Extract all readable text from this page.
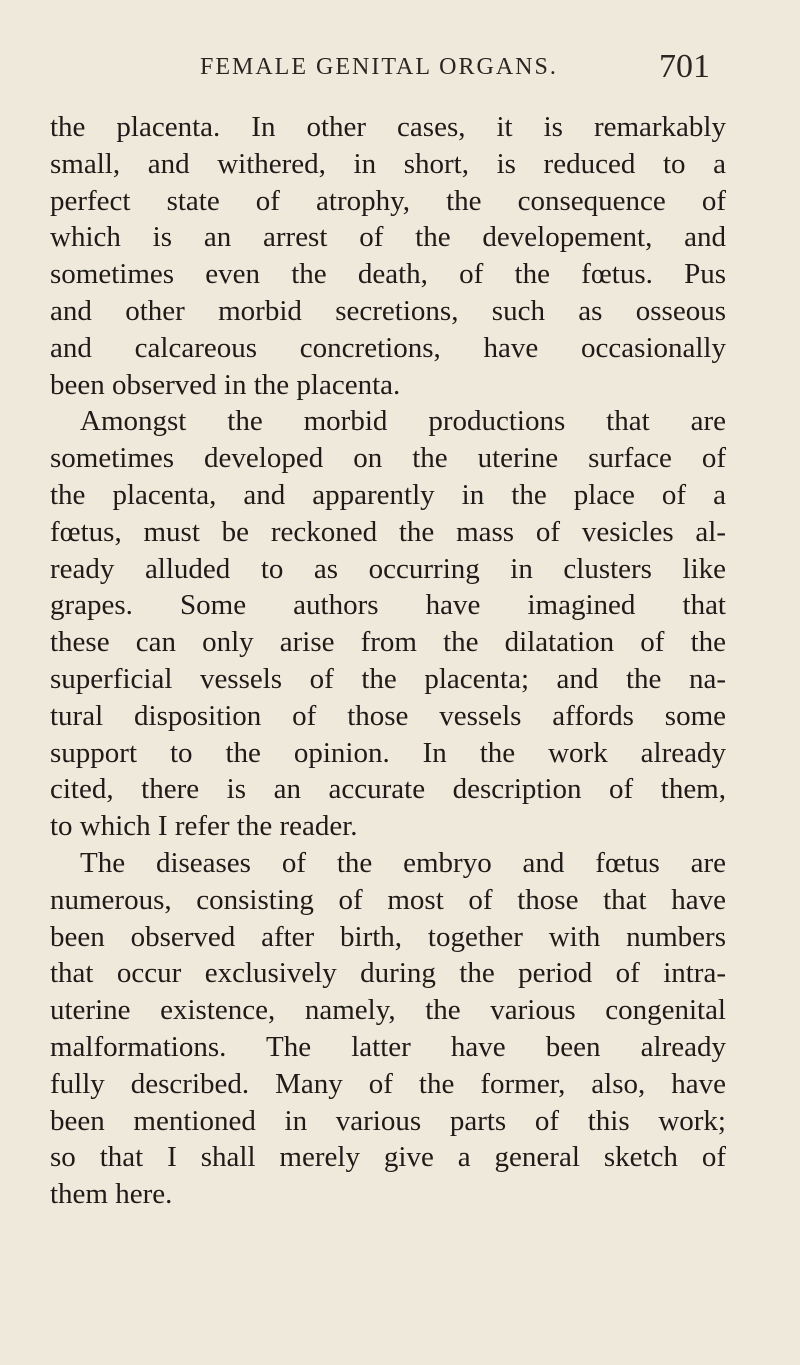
FEMALE GENITAL ORGANS.	701
the placenta. In other cases, it is remarkably
small, and withered, in short, is reduced to a
perfect state of atrophy, the consequence of
which is an arrest of the developement, and
sometimes even the death, of the fœtus. Pus
and other morbid secretions, such as osseous
and calcareous concretions, have occasionally
been observed in the placenta.
Amongst the morbid productions that are
sometimes developed on the uterine surface of
the placenta, and apparently in the place of a
fœtus, must be reckoned the mass of vesicles al-
ready alluded to as occurring in clusters like
grapes. Some authors have imagined that
these can only arise from the dilatation of the
superficial vessels of the placenta; and the na-
tural disposition of those vessels affords some
support to the opinion. In the work already
cited, there is an accurate description of them,
to which I refer the reader.
The diseases of the embryo and fœtus are
numerous, consisting of most of those that have
been observed after birth, together with numbers
that occur exclusively during the period of intra-
uterine existence, namely, the various congenital
malformations. The latter have been already
fully described. Many of the former, also, have
been mentioned in various parts of this work;
so that I shall merely give a general sketch of
them here.
